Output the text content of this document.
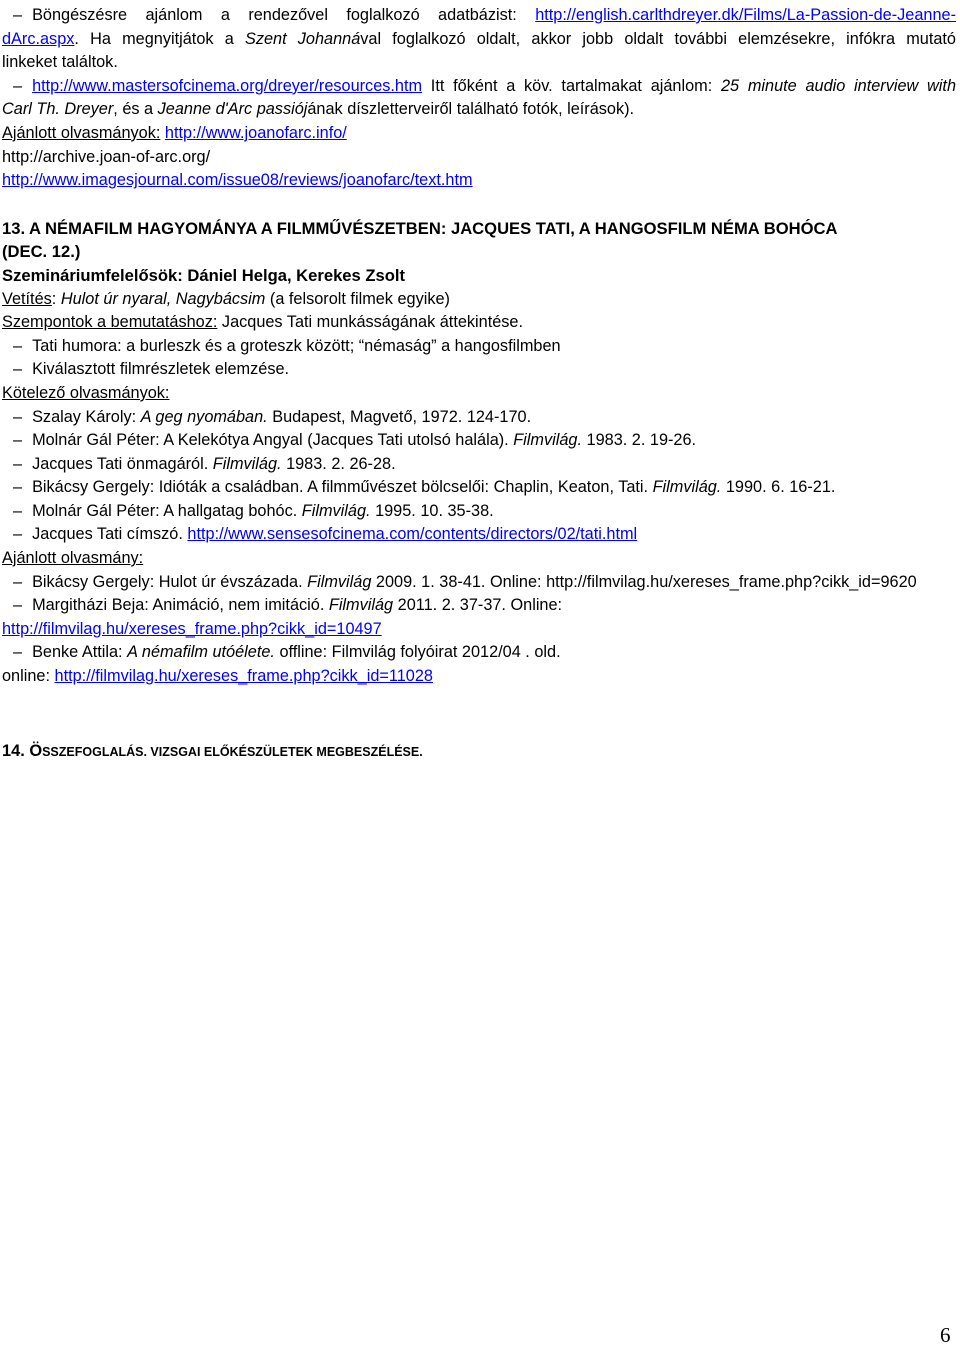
– Böngészésre ajánlom a rendezővel foglalkozó adatbázist: http://english.carlthdreyer.dk/Films/La-Passion-de-Jeanne-
dArc.aspx. Ha megnyitjátok a Szent Johannával foglalkozó oldalt, akkor jobb oldalt további elemzésekre, infókra mutató
linkeket találtok.
– http://www.mastersofcinema.org/dreyer/resources.htm Itt főként a köv. tartalmakat ajánlom: 25 minute audio interview with
Carl Th. Dreyer, és a Jeanne d'Arc passiójának díszletterveiről található fotók, leírások).
Ajánlott olvasmányok: http://www.joanofarc.info/
http://archive.joan-of-arc.org/
http://www.imagesjournal.com/issue08/reviews/joanofarc/text.htm
13. A NÉMAFILM HAGYOMÁNYA A FILMMŰVÉSZETBEN: JACQUES TATI, A HANGOSFILM NÉMA BOHÓCA
(DEC. 12.)
Szemináriumfelelősök: Dániel Helga, Kerekes Zsolt
Vetítés: Hulot úr nyaral, Nagybácsim (a felsorolt filmek egyike)
Szempontok a bemutatáshoz: Jacques Tati munkásságának áttekintése.
– Tati humora: a burleszk és a groteszk között; “némaság” a hangosfilmben
– Kiválasztott filmrészletek elemzése.
Kötelező olvasmányok:
– Szalay Károly: A geg nyomában. Budapest, Magvető, 1972. 124-170.
– Molnár Gál Péter: A Kelekótya Angyal (Jacques Tati utolsó halála). Filmvilág. 1983. 2. 19-26.
– Jacques Tati önmagáról. Filmvilág. 1983. 2. 26-28.
– Bikácsy Gergely: Idióták a családban. A filmművészet bölcselői: Chaplin, Keaton, Tati. Filmvilág. 1990. 6. 16-21.
– Molnár Gál Péter: A hallgatag bohóc. Filmvilág. 1995. 10. 35-38.
– Jacques Tati címszó. http://www.sensesofcinema.com/contents/directors/02/tati.html
Ajánlott olvasmány:
– Bikácsy Gergely: Hulot úr évszázada. Filmvilág 2009. 1. 38-41. Online: http://filmvilag.hu/xereses_frame.php?cikk_id=9620
– Margitházi Beja: Animáció, nem imitáció. Filmvilág 2011. 2. 37-37. Online:
http://filmvilag.hu/xereses_frame.php?cikk_id=10497
– Benke Attila: A némafilm utóélete. offline: Filmvilág folyóirat 2012/04 . old.
online: http://filmvilag.hu/xereses_frame.php?cikk_id=11028
14. ÖSSZEFOGLALÁS. VIZSGAI ELŐKÉSZÜLETEK MEGBESZÉLÉSE.
6
